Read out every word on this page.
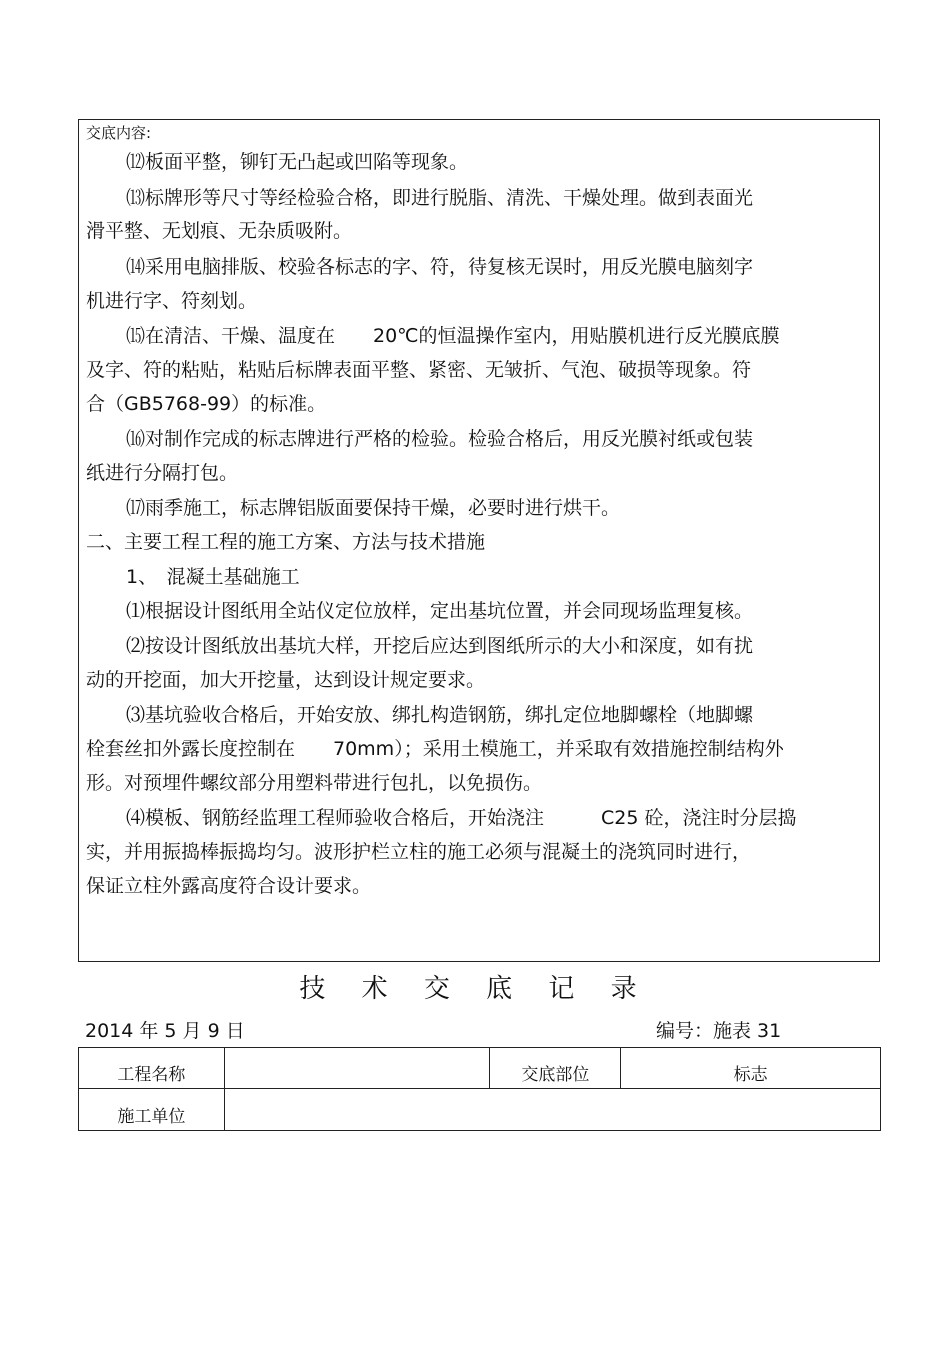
交底内容:
⑿板面平整，铆钉无凸起或凹陷等现象。
⒀标牌形等尺寸等经检验合格，即进行脱脂、清洗、干燥处理。做到表面光
滑平整、无划痕、无杂质吸附。
⒁采用电脑排版、校验各标志的字、符，待复核无误时，用反光膜电脑刻字
机进行字、符刻划。
⒂在清洁、干燥、温度在　　20℃的恒温操作室内，用贴膜机进行反光膜底膜
及字、符的粘贴，粘贴后标牌表面平整、紧密、无皱折、气泡、破损等现象。符
合（GB5768-99）的标准。
⒃对制作完成的标志牌进行严格的检验。检验合格后，用反光膜衬纸或包装
纸进行分隔打包。
⒄雨季施工，标志牌铝版面要保持干燥，必要时进行烘干。
二、主要工程工程的施工方案、方法与技术措施
1、　混凝土基础施工
⑴根据设计图纸用全站仪定位放样，定出基坑位置，并会同现场监理复核。
⑵按设计图纸放出基坑大样，开挖后应达到图纸所示的大小和深度，如有扰
动的开挖面，加大开挖量，达到设计规定要求。
⑶基坑验收合格后，开始安放、绑扎构造钢筋，绑扎定位地脚螺栓（地脚螺
栓套丝扣外露长度控制在　　70mm）；采用土模施工，并采取有效措施控制结构外
形。对预埋件螺纹部分用塑料带进行包扎，以免损伤。
⑷模板、钢筋经监理工程师验收合格后，开始浇注　　　C25 砼，浇注时分层捣
实，并用振捣棒振捣均匀。波形护栏立柱的施工必须与混凝土的浇筑同时进行，
保证立柱外露高度符合设计要求。
技 术 交 底 记 录
2014 年 5 月 9 日	编号：施表 31
工程名称		交底部位	标志
施工单位			
